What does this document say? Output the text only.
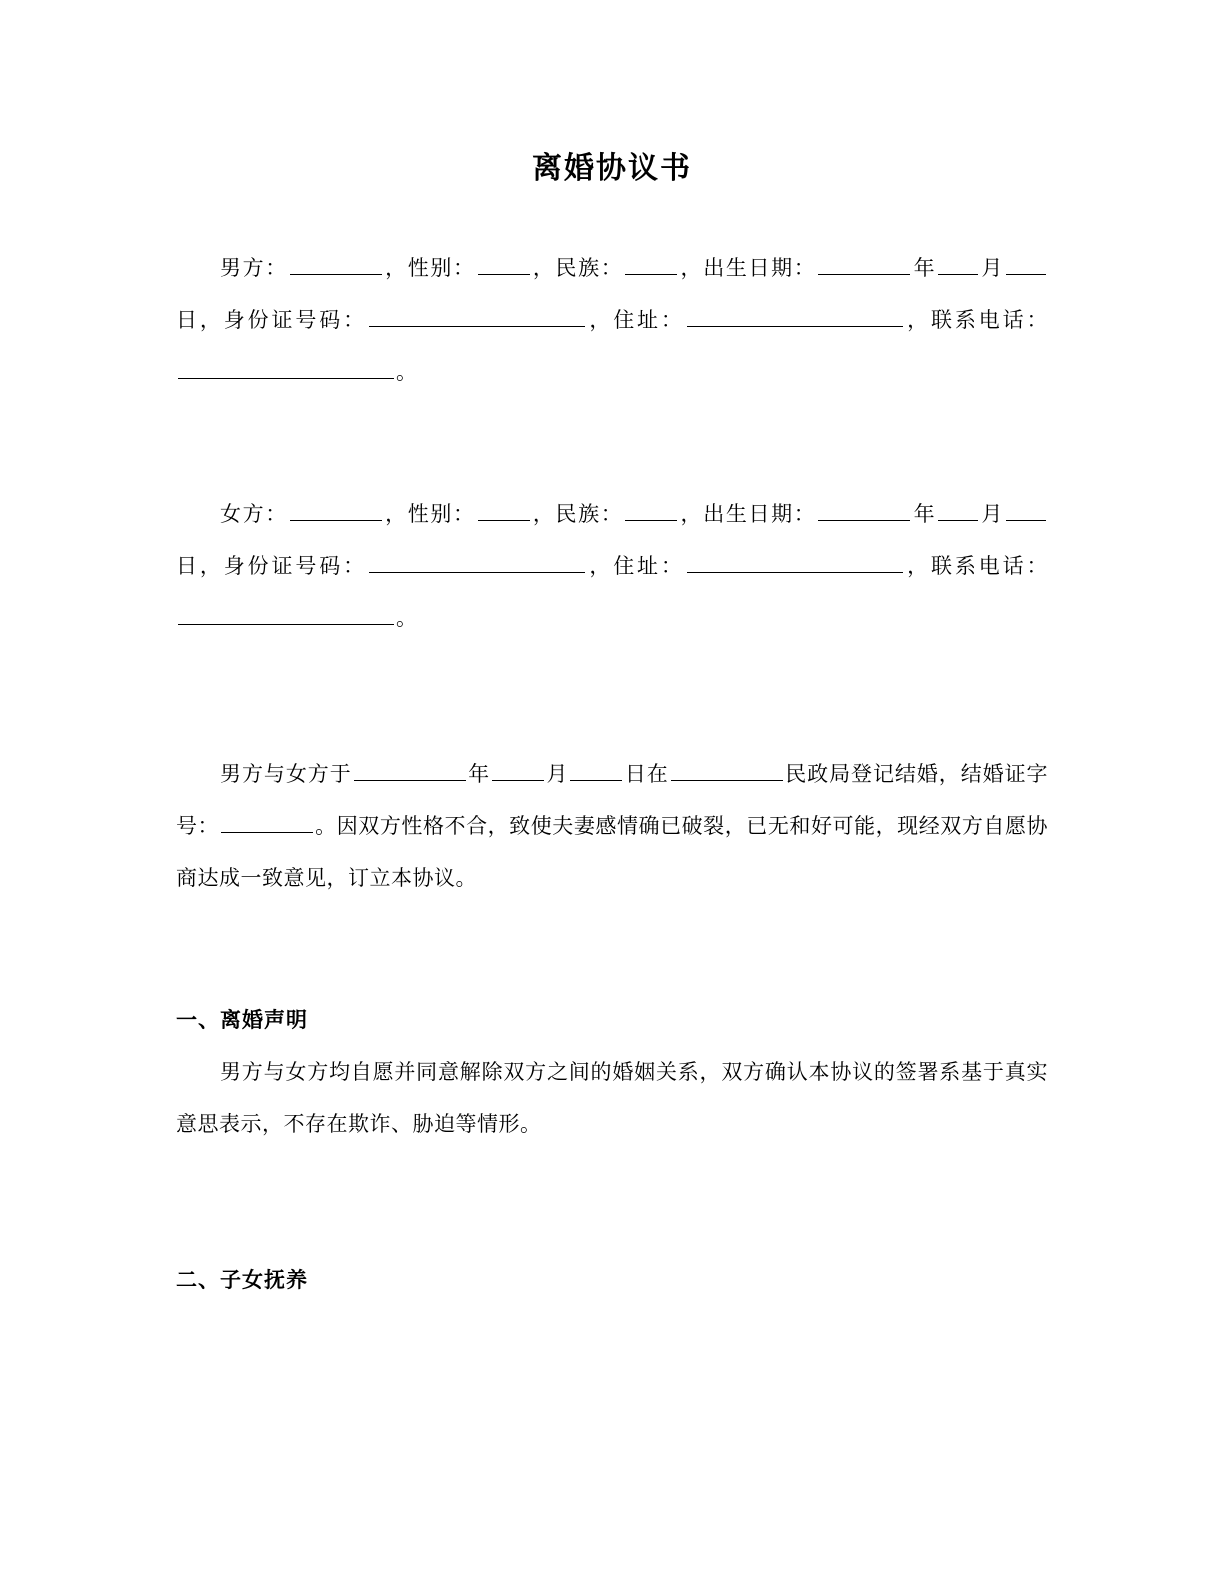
离婚协议书

男方：	，性别：	，民族：	，出生日期：	年 月日，身份证号码：	，住址：	，联系电话：。

女方：	，性别：	，民族：	，出生日期：	年 月日，身份证号码：	，住址：	，联系电话：。

男方与女方于	年	月	日在	民政局登记结婚，结婚证字号：	。因双方性格不合，致使夫妻感情确已破裂，已无和好可能，现经双方自愿协商达成一致意见，订立本协议。

一、离婚声明

男方与女方均自愿并同意解除双方之间的婚姻关系，双方确认本协议的签署系基于真实意思表示，不存在欺诈、胁迫等情形。

二、子女抚养
